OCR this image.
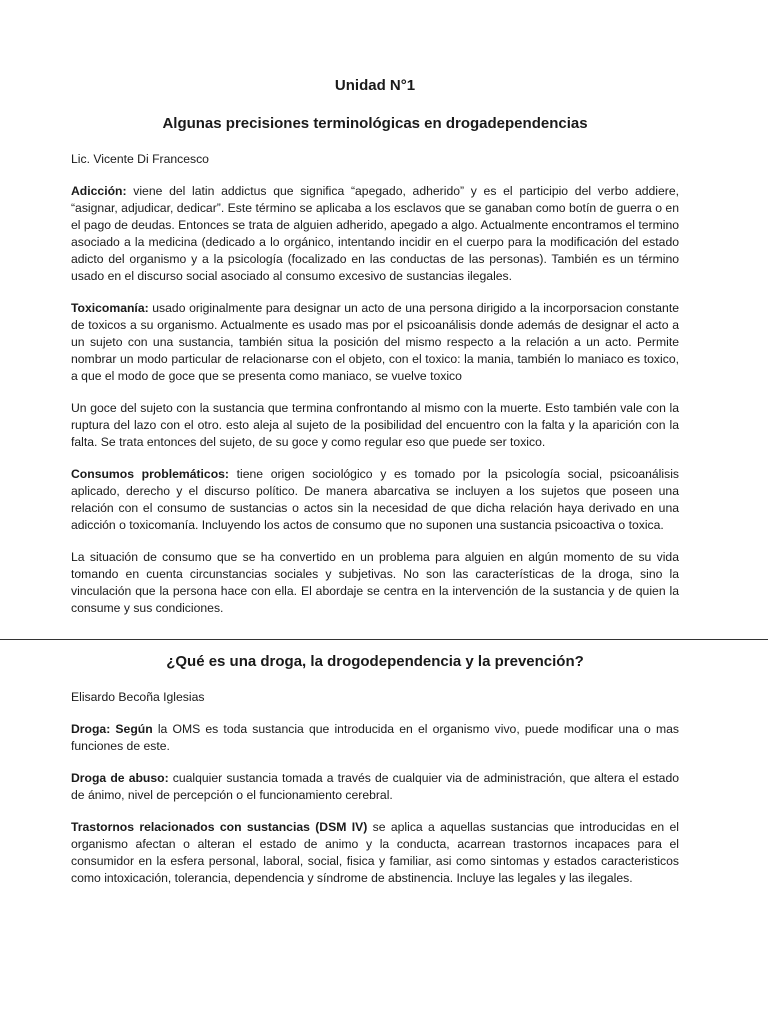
Unidad N°1
Algunas precisiones terminológicas en drogadependencias
Lic. Vicente Di Francesco

Adicción: viene del latin addictus que significa “apegado, adherido” y es el participio del verbo addiere, “asignar, adjudicar, dedicar”. Este término se aplicaba a los esclavos que se ganaban como botín de guerra o en el pago de deudas. Entonces se trata de alguien adherido, apegado a algo. Actualmente encontramos el termino asociado a la medicina (dedicado a lo orgánico, intentando incidir en el cuerpo para la modificación del estado adicto del organismo y a la psicología (focalizado en las conductas de las personas). También es un término usado en el discurso social asociado al consumo excesivo de sustancias ilegales.

Toxicomanía: usado originalmente para designar un acto de una persona dirigido a la incorporsacion constante de toxicos a su organismo. Actualmente es usado mas por el psicoanálisis donde además de designar el acto a un sujeto con una sustancia, también situa la posición del mismo respecto a la relación a un acto. Permite nombrar un modo particular de relacionarse con el objeto, con el toxico: la mania, también lo maniaco es toxico, a que el modo de goce que se presenta como maniaco, se vuelve toxico

Un goce del sujeto con la sustancia que termina confrontando al mismo con la muerte. Esto también vale con la ruptura del lazo con el otro. esto aleja al sujeto de la posibilidad del encuentro con la falta y la aparición con la falta. Se trata entonces del sujeto, de su goce y como regular eso que puede ser toxico.

Consumos problemáticos: tiene origen sociológico y es tomado por la psicología social, psicoanálisis aplicado, derecho y el discurso político. De manera abarcativa se incluyen a los sujetos que poseen una relación con el consumo de sustancias o actos sin la necesidad de que dicha relación haya derivado en una adicción o toxicomanía. Incluyendo los actos de consumo que no suponen una sustancia psicoactiva o toxica.

La situación de consumo que se ha convertido en un problema para alguien en algún momento de su vida tomando en cuenta circunstancias sociales y subjetivas. No son las características de la droga, sino la vinculación que la persona hace con ella. El abordaje se centra en la intervención de la sustancia y de quien la consume y sus condiciones.

¿Qué es una droga, la drogodependencia y la prevención?
Elisardo Becoña Iglesias

Droga: Según la OMS es toda sustancia que introducida en el organismo vivo, puede modificar una o mas funciones de este.

Droga de abuso: cualquier sustancia tomada a través de cualquier via de administración, que altera el estado de ánimo, nivel de percepción o el funcionamiento cerebral.

Trastornos relacionados con sustancias (DSM IV) se aplica a aquellas sustancias que introducidas en el organismo afectan o alteran el estado de animo y la conducta, acarrean trastornos incapaces para el consumidor en la esfera personal, laboral, social, fisica y familiar, asi como sintomas y estados caracteristicos como intoxicación, tolerancia, dependencia y síndrome de abstinencia. Incluye las legales y las ilegales.
